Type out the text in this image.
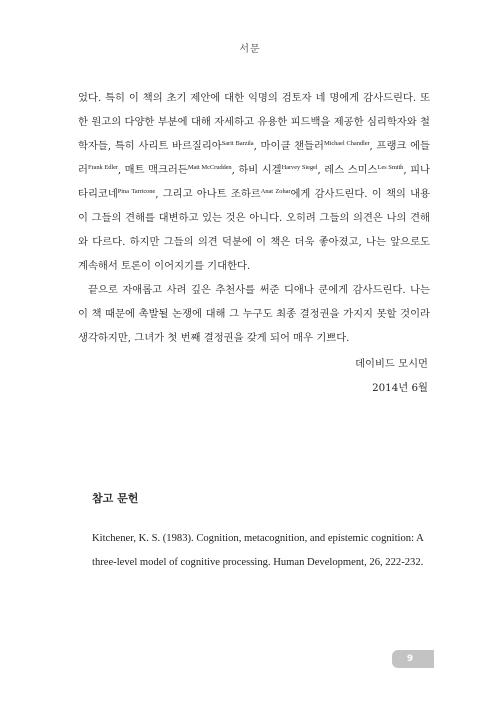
서문

었다. 특히 이 책의 초기 제안에 대한 익명의 검토자 네 명에게 감사드린다. 또한 원고의 다양한 부분에 대해 자세하고 유용한 피드백을 제공한 심리학자와 철학자들, 특히 사리트 바르질리아$^{Sarit Barzila}$, 마이클 챈들러$^{Michael Chandler}$, 프랭크 에들러$^{Frank Edler}$, 매트 맥크러든$^{Matt McCrudden}$, 하비 시겔$^{Harvey Siegel}$, 레스 스미스$^{Les Smith}$, 피나 타리코네$^{Pina Tarricone}$, 그리고 아나트 조하르$^{Anat Zohar}$에게 감사드린다. 이 책의 내용이 그들의 견해를 대변하고 있는 것은 아니다. 오히려 그들의 의견은 나의 견해와 다르다. 하지만 그들의 의견 덕분에 이 책은 더욱 좋아졌고, 나는 앞으로도 계속해서 토론이 이어지기를 기대한다.

끝으로 자애롭고 사려 깊은 추천사를 써준 디애나 쿤에게 감사드린다. 나는 이 책 때문에 촉발될 논쟁에 대해 그 누구도 최종 결정권을 가지지 못할 것이라 생각하지만, 그녀가 첫 번째 결정권을 갖게 되어 매우 기쁘다.

데이비드 모시먼
2014년 6월
참고 문헌
Kitchener, K. S. (1983). Cognition, metacognition, and epistemic cognition: A three-level model of cognitive processing. Human Development, 26, 222-232.
9
